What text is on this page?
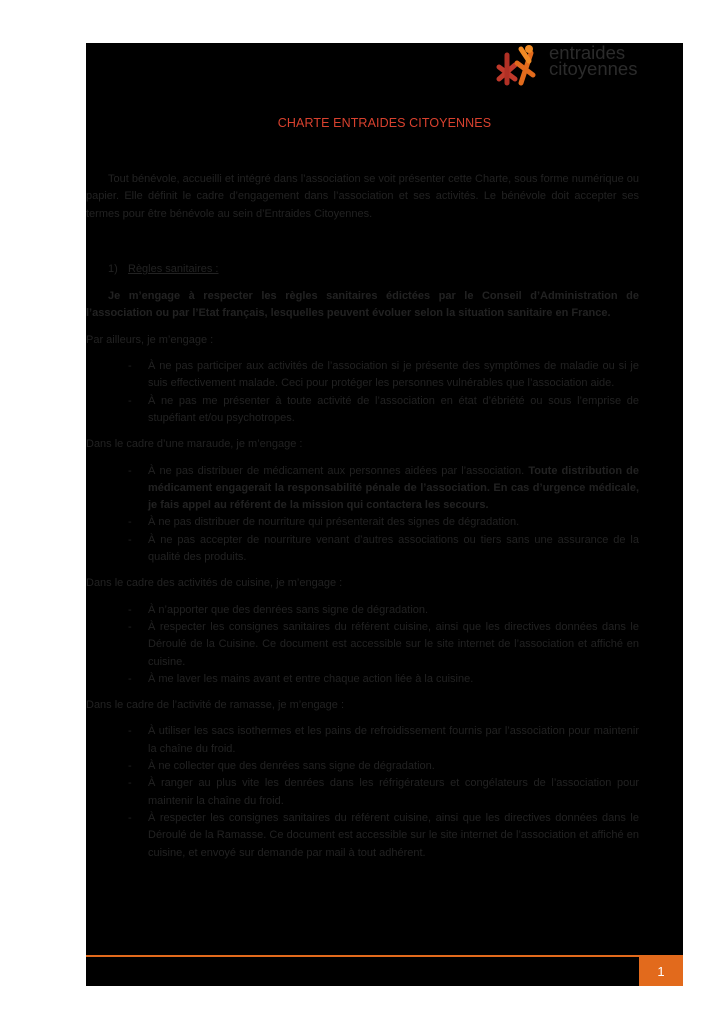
entraides
citoyennes
CHARTE ENTRAIDES CITOYENNES

Tout bénévole, accueilli et intégré dans l’association se voit présenter cette Charte, sous forme numérique ou papier. Elle définit le cadre d’engagement dans l’association et ses activités. Le bénévole doit accepter ses termes pour être bénévole au sein d’Entraides Citoyennes.

1) Règles sanitaires :

Je m’engage à respecter les règles sanitaires édictées par le Conseil d’Administration de l’association ou par l’Etat français, lesquelles peuvent évoluer selon la situation sanitaire en France.

Par ailleurs, je m’engage :

- À ne pas participer aux activités de l’association si je présente des symptômes de maladie ou si je suis effectivement malade. Ceci pour protéger les personnes vulnérables que l’association aide.
- À ne pas me présenter à toute activité de l’association en état d’ébriété ou sous l’emprise de stupéfiant et/ou psychotropes.

Dans le cadre d’une maraude, je m’engage :

- À ne pas distribuer de médicament aux personnes aidées par l’association. Toute distribution de médicament engagerait la responsabilité pénale de l’association. En cas d’urgence médicale, je fais appel au référent de la mission qui contactera les secours.
- À ne pas distribuer de nourriture qui présenterait des signes de dégradation.
- À ne pas accepter de nourriture venant d’autres associations ou tiers sans une assurance de la qualité des produits.

Dans le cadre des activités de cuisine, je m’engage :

- À n’apporter que des denrées sans signe de dégradation.
- À respecter les consignes sanitaires du référent cuisine, ainsi que les directives données dans le Déroulé de la Cuisine. Ce document est accessible sur le site internet de l’association et affiché en cuisine.
- À me laver les mains avant et entre chaque action liée à la cuisine.

Dans le cadre de l’activité de ramasse, je m’engage :

- À utiliser les sacs isothermes et les pains de refroidissement fournis par l’association pour maintenir la chaîne du froid.
- À ne collecter que des denrées sans signe de dégradation.
- À ranger au plus vite les denrées dans les réfrigérateurs et congélateurs de l’association pour maintenir la chaîne du froid.
- À respecter les consignes sanitaires du référent cuisine, ainsi que les directives données dans le Déroulé de la Ramasse. Ce document est accessible sur le site internet de l’association et affiché en cuisine, et envoyé sur demande par mail à tout adhérent.
1
